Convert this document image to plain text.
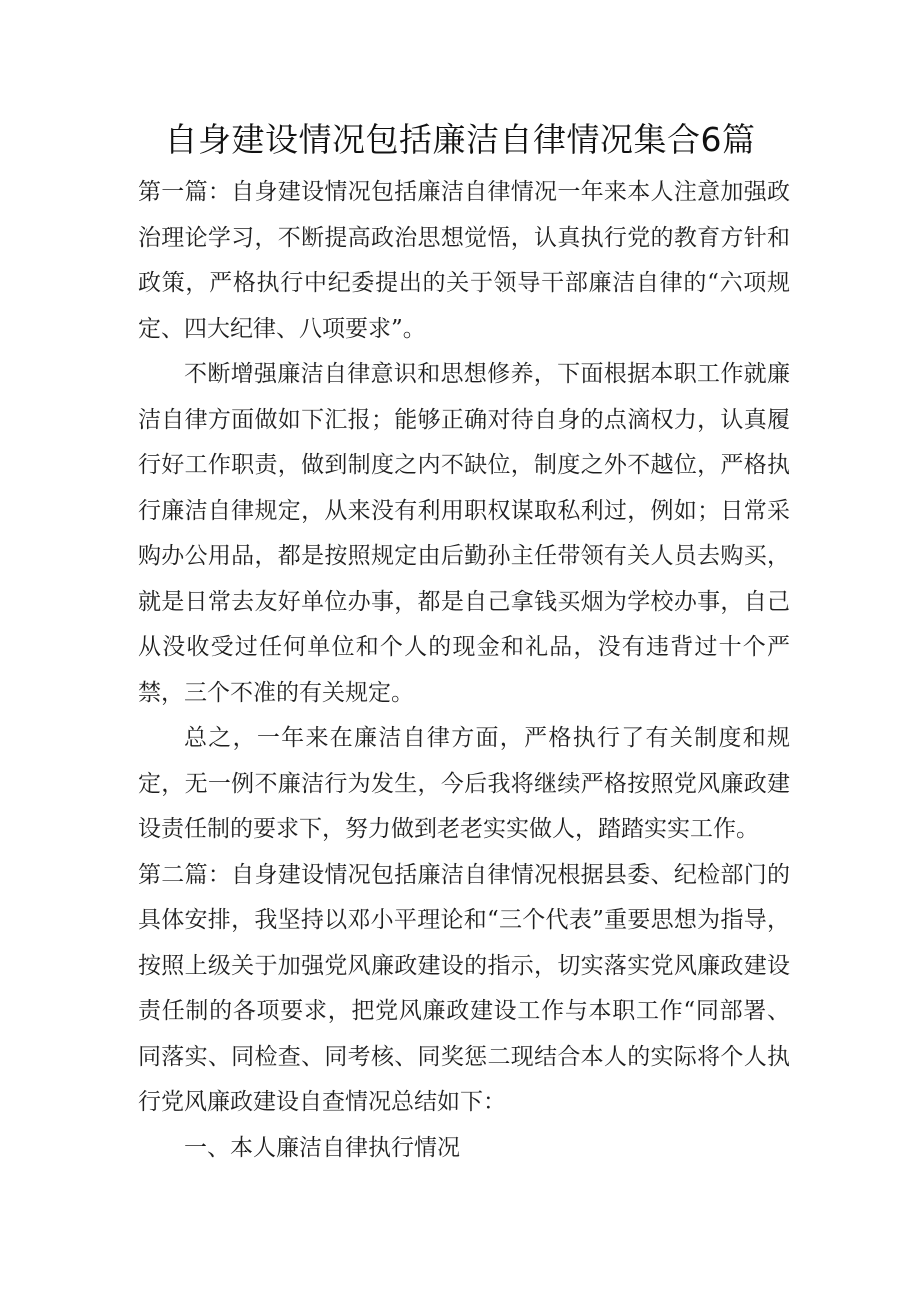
自身建设情况包括廉洁自律情况集合6篇

第一篇：自身建设情况包括廉洁自律情况一年来本人注意加强政治理论学习，不断提高政治思想觉悟，认真执行党的教育方针和政策，严格执行中纪委提出的关于领导干部廉洁自律的“六项规定、四大纪律、八项要求”。

不断增强廉洁自律意识和思想修养，下面根据本职工作就廉洁自律方面做如下汇报；能够正确对待自身的点滴权力，认真履行好工作职责，做到制度之内不缺位，制度之外不越位，严格执行廉洁自律规定，从来没有利用职权谋取私利过，例如；日常采购办公用品，都是按照规定由后勤孙主任带领有关人员去购买，就是日常去友好单位办事，都是自己拿钱买烟为学校办事，自己从没收受过任何单位和个人的现金和礼品，没有违背过十个严禁，三个不准的有关规定。

总之，一年来在廉洁自律方面，严格执行了有关制度和规定，无一例不廉洁行为发生，今后我将继续严格按照党风廉政建设责任制的要求下，努力做到老老实实做人，踏踏实实工作。

第二篇：自身建设情况包括廉洁自律情况根据县委、纪检部门的具体安排，我坚持以邓小平理论和“三个代表”重要思想为指导，按照上级关于加强党风廉政建设的指示，切实落实党风廉政建设责任制的各项要求，把党风廉政建设工作与本职工作“同部署、同落实、同检查、同考核、同奖惩二现结合本人的实际将个人执行党风廉政建设自查情况总结如下：

一、本人廉洁自律执行情况
